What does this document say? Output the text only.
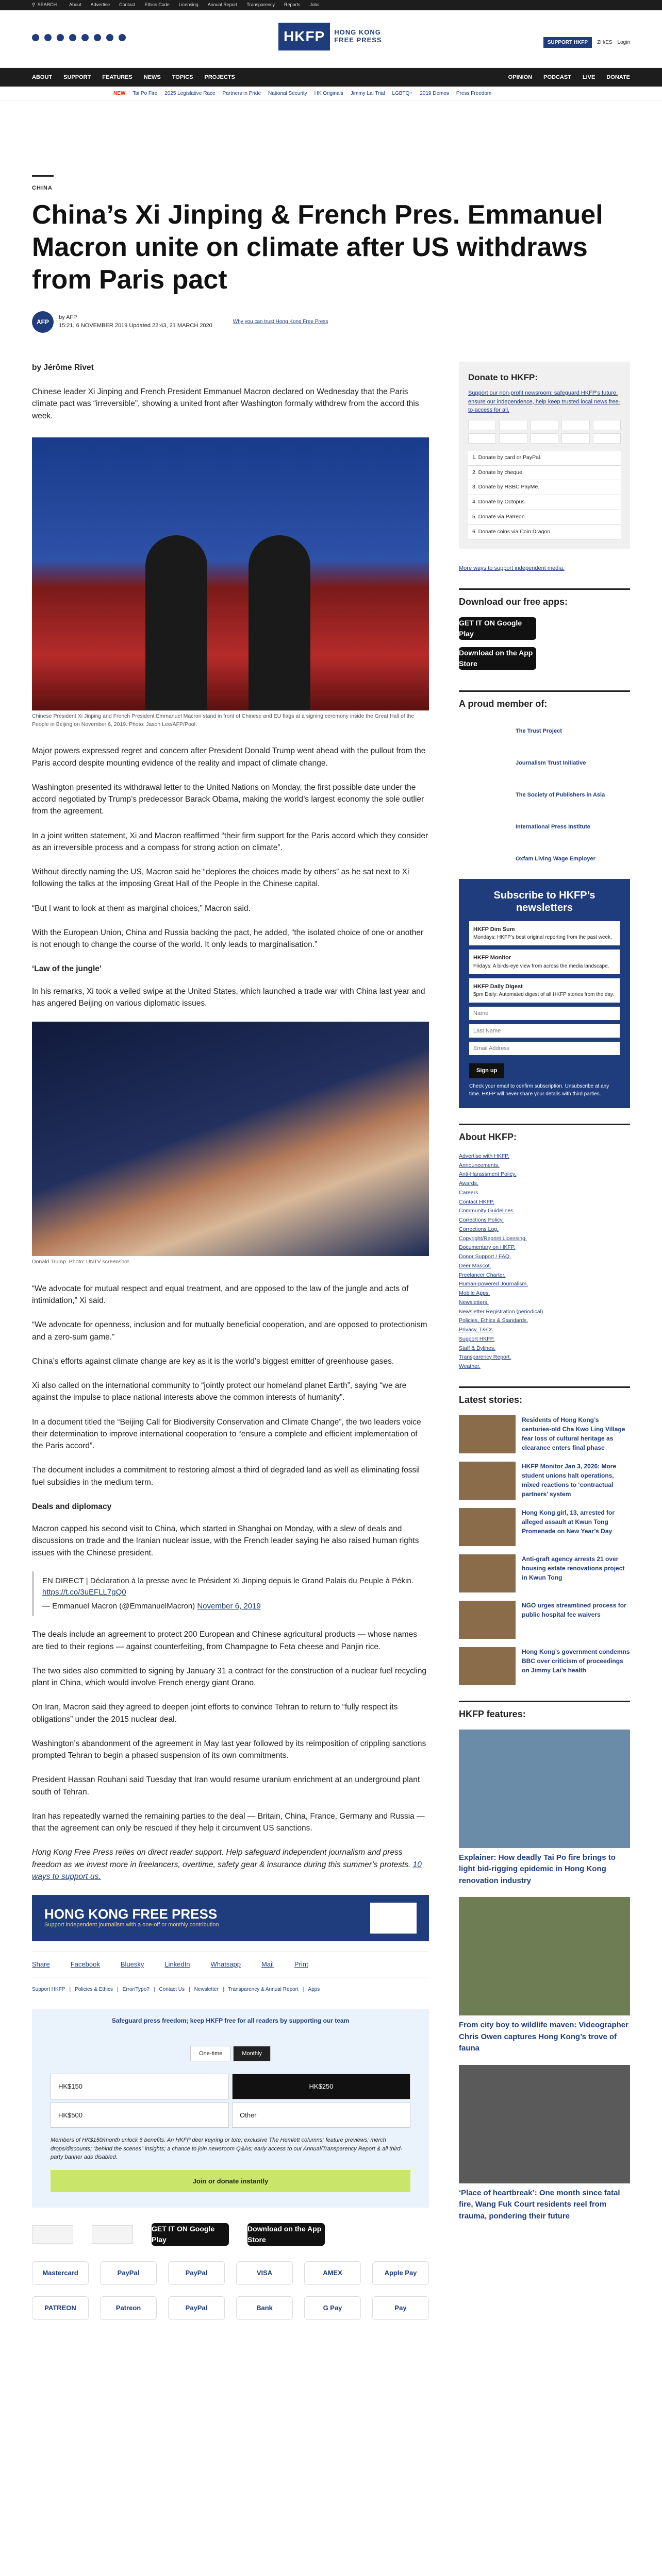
⚲ SEARCH	About Advertise Contact Ethics Code Licensing Annual Report Transparency Reports Jobs
HKFP	HONG KONG
FREE PRESS	SUPPORT HKFP	ZH/ES Login
ABOUT SUPPORT FEATURES NEWS TOPICS PROJECTS	OPINION PODCAST LIVE DONATE
NEW Tai Po Fire 2025 Legislative Race Partners in Pride National Security HK Originals Jimmy Lai Trial LGBTQ+ 2019 Demos Press Freedom
CHINA
China’s Xi Jinping & French Pres. Emmanuel Macron unite on climate after US withdraws from Paris pact
AFP
by AFP
15:21, 6 NOVEMBER 2019 Updated 22:43, 21 MARCH 2020
Why you can trust Hong Kong Free Press
by Jérôme Rivet

Chinese leader Xi Jinping and French President Emmanuel Macron declared on Wednesday that the Paris climate pact was “irreversible”, showing a united front after Washington formally withdrew from the accord this week.

Chinese President Xi Jinping and French President Emmanuel Macron stand in front of Chinese and EU flags at a signing ceremony inside the Great Hall of the People in Beijing on November 6, 2019. Photo: Jason Lee/AFP/Pool.

Major powers expressed regret and concern after President Donald Trump went ahead with the pullout from the Paris accord despite mounting evidence of the reality and impact of climate change.

Washington presented its withdrawal letter to the United Nations on Monday, the first possible date under the accord negotiated by Trump’s predecessor Barack Obama, making the world’s largest economy the sole outlier from the agreement.

In a joint written statement, Xi and Macron reaffirmed “their firm support for the Paris accord which they consider as an irreversible process and a compass for strong action on climate”.

Without directly naming the US, Macron said he “deplores the choices made by others” as he sat next to Xi following the talks at the imposing Great Hall of the People in the Chinese capital.

“But I want to look at them as marginal choices,” Macron said.

With the European Union, China and Russia backing the pact, he added, “the isolated choice of one or another is not enough to change the course of the world. It only leads to marginalisation.”

‘Law of the jungle’

In his remarks, Xi took a veiled swipe at the United States, which launched a trade war with China last year and has angered Beijing on various diplomatic issues.

Donald Trump. Photo: UNTV screenshot.

“We advocate for mutual respect and equal treatment, and are opposed to the law of the jungle and acts of intimidation,” Xi said.

“We advocate for openness, inclusion and for mutually beneficial cooperation, and are opposed to protectionism and a zero-sum game.”

China’s efforts against climate change are key as it is the world’s biggest emitter of greenhouse gases.

Xi also called on the international community to “jointly protect our homeland planet Earth”, saying “we are against the impulse to place national interests above the common interests of humanity”.

In a document titled the “Beijing Call for Biodiversity Conservation and Climate Change”, the two leaders voice their determination to improve international cooperation to “ensure a complete and efficient implementation of the Paris accord”.

The document includes a commitment to restoring almost a third of degraded land as well as eliminating fossil fuel subsidies in the medium term.

Deals and diplomacy

Macron capped his second visit to China, which started in Shanghai on Monday, with a slew of deals and discussions on trade and the Iranian nuclear issue, with the French leader saying he also raised human rights issues with the Chinese president.

EN DIRECT | Déclaration à la presse avec le Président Xi Jinping depuis le Grand Palais du Peuple à Pékin. https://t.co/3uEFLL7gQ0

— Emmanuel Macron (@EmmanuelMacron) November 6, 2019

The deals include an agreement to protect 200 European and Chinese agricultural products — whose names are tied to their regions — against counterfeiting, from Champagne to Feta cheese and Panjin rice.

The two sides also committed to signing by January 31 a contract for the construction of a nuclear fuel recycling plant in China, which would involve French energy giant Orano.

On Iran, Macron said they agreed to deepen joint efforts to convince Tehran to return to “fully respect its obligations” under the 2015 nuclear deal.

Washington’s abandonment of the agreement in May last year followed by its reimposition of crippling sanctions prompted Tehran to begin a phased suspension of its own commitments.

President Hassan Rouhani said Tuesday that Iran would resume uranium enrichment at an underground plant south of Tehran.

Iran has repeatedly warned the remaining parties to the deal — Britain, China, France, Germany and Russia — that the agreement can only be rescued if they help it circumvent US sanctions.

Hong Kong Free Press relies on direct reader support. Help safeguard independent journalism and press freedom as we invest more in freelancers, overtime, safety gear & insurance during this summer’s protests. 10 ways to support us.

HONG KONG FREE PRESS
Support independent journalism with a one-off or monthly contribution
Share	Facebook	Bluesky	LinkedIn	Whatsapp	Mail	Print
Support HKFP | Policies & Ethics | Error/Typo? | Contact Us | Newsletter | Transparency & Annual Report | Apps
Safeguard press freedom; keep HKFP free for all readers by supporting our team
One-time	Monthly
HK$150	HK$250
HK$500	Other
Members of HK$150/month unlock 6 benefits: An HKFP deer keyring or tote; exclusive The Hemlett columns; feature previews; merch drops/discounts; “behind the scenes” insights; a chance to join newsroom Q&As; early access to our Annual/Transparency Report & all third-party banner ads disabled.
Join or donate instantly
GET IT ON Google Play
Download on the App Store
Mastercard	PayPal	PayPal	VISA	AMEX	Apple Pay
PATREON	Patreon	PayPal	Bank	G Pay	Pay
Donate to HKFP:
Support our non-profit newsroom: safeguard HKFP’s future, ensure our independence, help keep trusted local news free-to-access for all.
1. Donate by card or PayPal.
2. Donate by cheque.
3. Donate by HSBC PayMe.
4. Donate by Octopus.
5. Donate via Patreon.
6. Donate coins via Coin Dragon.
More ways to support independent media.
Download our free apps:
GET IT ON Google Play
Download on the App Store
A proud member of:
The Trust Project
Journalism Trust Initiative
The Society of Publishers in Asia
International Press Institute
Oxfam Living Wage Employer
Subscribe to HKFP’s newsletters
HKFP Dim Sum
Mondays: HKFP’s best original reporting from the past week.
HKFP Monitor
Fridays: A birds-eye view from across the media landscape.
HKFP Daily Digest
5pm Daily: Automated digest of all HKFP stories from the day.
Name
Last Name
Email Address Sign up
Check your email to confirm subscription. Unsubscribe at any time. HKFP will never share your details with third parties.
About HKFP:
Advertise with HKFP.
Announcements.
Anti-Harassment Policy.
Awards.
Careers.
Contact HKFP.
Community Guidelines.
Corrections Policy.
Corrections Log.
Copyright/Reprint Licensing.
Documentary on HKFP.
Donor Support / FAQ.
Deer Mascot.
Freelancer Charter.
Human-powered Journalism.
Mobile Apps.
Newsletters.
Newsletter Registration (periodical).
Policies, Ethics & Standards.
Privacy, T&Cs.
Support HKFP.
Staff & Bylines.
Transparency Report.
Weather.
Latest stories:
Residents of Hong Kong’s centuries-old Cha Kwo Ling Village fear loss of cultural heritage as clearance enters final phase
HKFP Monitor Jan 3, 2026: More student unions halt operations, mixed reactions to ‘contractual partners’ system
Hong Kong girl, 13, arrested for alleged assault at Kwun Tong Promenade on New Year’s Day
Anti-graft agency arrests 21 over housing estate renovations project in Kwun Tong
NGO urges streamlined process for public hospital fee waivers
Hong Kong’s government condemns BBC over criticism of proceedings on Jimmy Lai’s health
HKFP features:
Explainer: How deadly Tai Po fire brings to light bid-rigging epidemic in Hong Kong renovation industry
From city boy to wildlife maven: Videographer Chris Owen captures Hong Kong’s trove of fauna
‘Place of heartbreak’: One month since fatal fire, Wang Fuk Court residents reel from trauma, pondering their future
